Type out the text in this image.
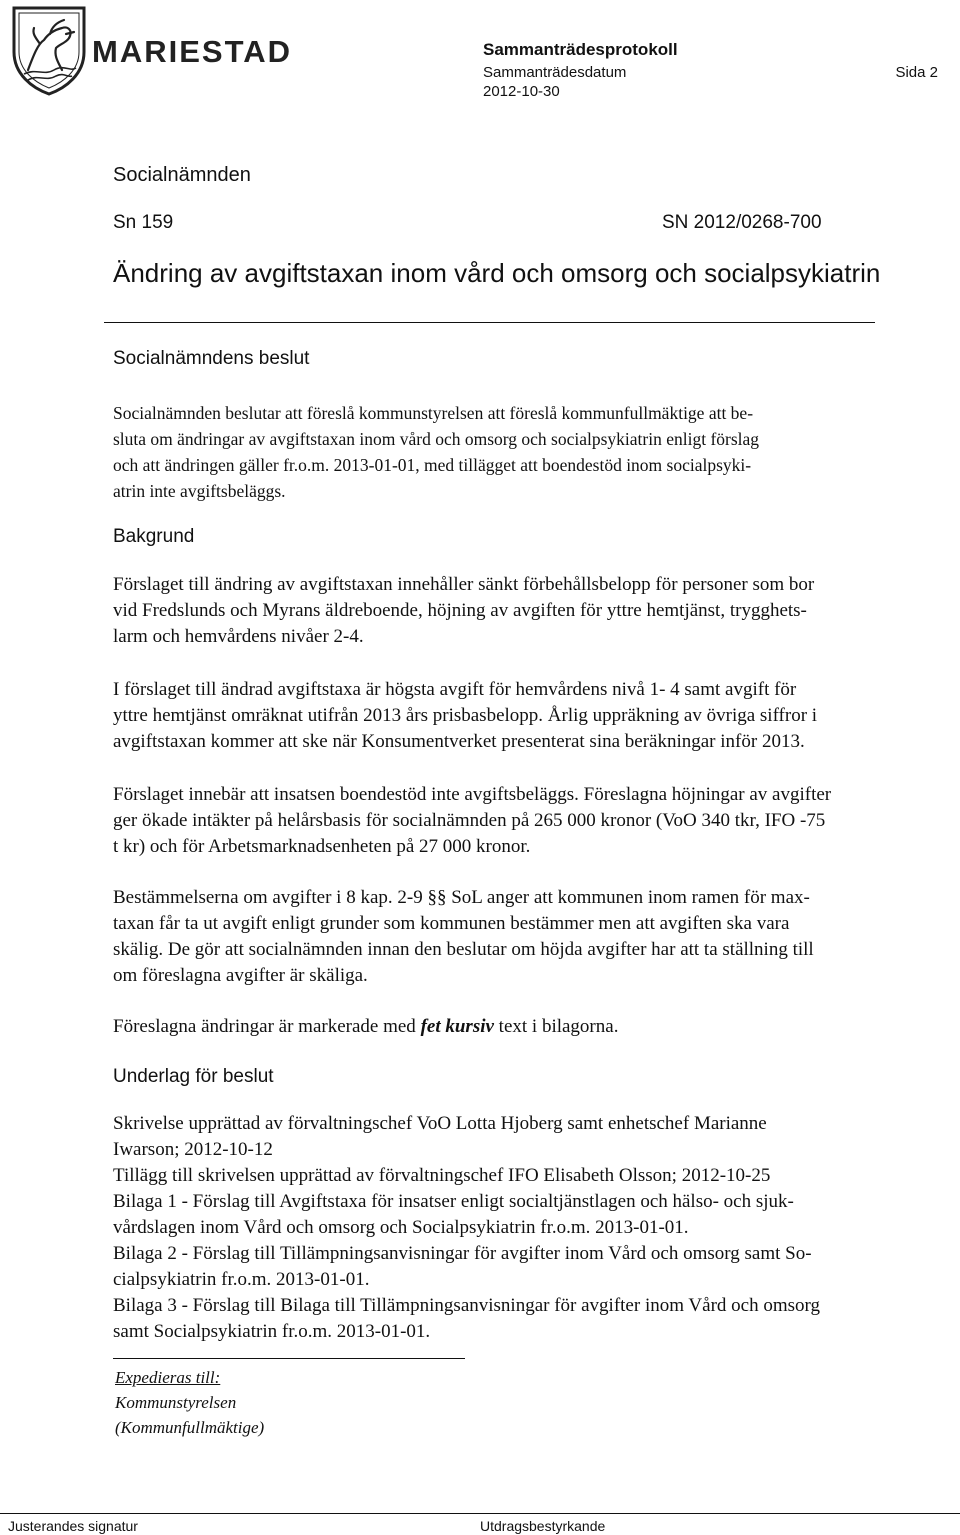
MARIESTAD	Sammanträdesprotokoll
Sammanträdesdatum
2012-10-30
Sida 2
Socialnämnden
Sn 159	SN 2012/0268-700
Ändring av avgiftstaxan inom vård och omsorg och socialpsykiatrin
Socialnämndens beslut
Socialnämnden beslutar att föreslå kommunstyrelsen att föreslå kommunfullmäktige att be-
sluta om ändringar av avgiftstaxan inom vård och omsorg och socialpsykiatrin enligt förslag
och att ändringen gäller fr.o.m. 2013-01-01, med tillägget att boendestöd inom socialpsyki-
atrin inte avgiftsbeläggs.
Bakgrund
Förslaget till ändring av avgiftstaxan innehåller sänkt förbehållsbelopp för personer som bor
vid Fredslunds och Myrans äldreboende, höjning av avgiften för yttre hemtjänst, trygghets-
larm och hemvårdens nivåer 2-4.
I förslaget till ändrad avgiftstaxa är högsta avgift för hemvårdens nivå 1- 4 samt avgift för
yttre hemtjänst omräknat utifrån 2013 års prisbasbelopp. Årlig uppräkning av övriga siffror i
avgiftstaxan kommer att ske när Konsumentverket presenterat sina beräkningar inför 2013.
Förslaget innebär att insatsen boendestöd inte avgiftsbeläggs. Föreslagna höjningar av avgifter
ger ökade intäkter på helårsbasis för socialnämnden på 265 000 kronor (VoO 340 tkr, IFO -75
t kr) och för Arbetsmarknadsenheten på 27 000 kronor.
Bestämmelserna om avgifter i 8 kap. 2-9 §§ SoL anger att kommunen inom ramen för max-
taxan får ta ut avgift enligt grunder som kommunen bestämmer men att avgiften ska vara
skälig. De gör att socialnämnden innan den beslutar om höjda avgifter har att ta ställning till
om föreslagna avgifter är skäliga.
Föreslagna ändringar är markerade med fet kursiv text i bilagorna.
Underlag för beslut
Skrivelse upprättad av förvaltningschef VoO Lotta Hjoberg samt enhetschef Marianne
Iwarson; 2012-10-12
Tillägg till skrivelsen upprättad av förvaltningschef IFO Elisabeth Olsson; 2012-10-25
Bilaga 1 - Förslag till Avgiftstaxa för insatser enligt socialtjänstlagen och hälso- och sjuk-
vårdslagen inom Vård och omsorg och Socialpsykiatrin fr.o.m. 2013-01-01.
Bilaga 2 - Förslag till Tillämpningsanvisningar för avgifter inom Vård och omsorg samt So-
cialpsykiatrin fr.o.m. 2013-01-01.
Bilaga 3 - Förslag till Bilaga till Tillämpningsanvisningar för avgifter inom Vård och omsorg
samt Socialpsykiatrin fr.o.m. 2013-01-01.
Expedieras till:
Kommunstyrelsen
(Kommunfullmäktige)
Justerandes signatur	Utdragsbestyrkande
